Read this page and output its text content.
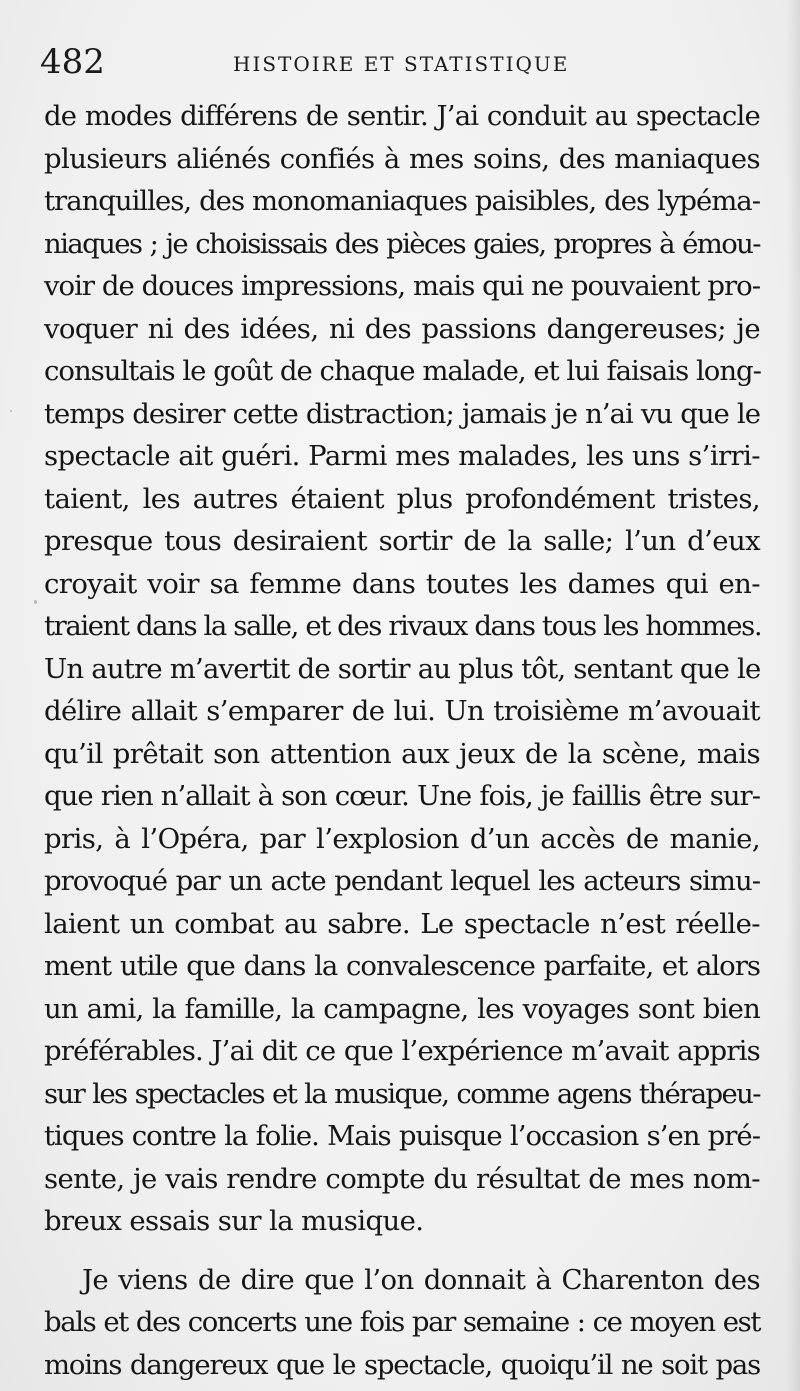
482	HISTOIRE ET STATISTIQUE
de modes différens de sentir. J’ai conduit au spectacle
plusieurs aliénés confiés à mes soins, des maniaques
tranquilles, des monomaniaques paisibles, des lypéma-
niaques ; je choisissais des pièces gaies, propres à émou-
voir de douces impressions, mais qui ne pouvaient pro-
voquer ni des idées, ni des passions dangereuses; je
consultais le goût de chaque malade, et lui faisais long-
temps desirer cette distraction; jamais je n’ai vu que le
spectacle ait guéri. Parmi mes malades, les uns s’irri-
taient, les autres étaient plus profondément tristes,
presque tous desiraient sortir de la salle; l’un d’eux
croyait voir sa femme dans toutes les dames qui en-
traient dans la salle, et des rivaux dans tous les hommes.
Un autre m’avertit de sortir au plus tôt, sentant que le
délire allait s’emparer de lui. Un troisième m’avouait
qu’il prêtait son attention aux jeux de la scène, mais
que rien n’allait à son cœur. Une fois, je faillis être sur-
pris, à l’Opéra, par l’explosion d’un accès de manie,
provoqué par un acte pendant lequel les acteurs simu-
laient un combat au sabre. Le spectacle n’est réelle-
ment utile que dans la convalescence parfaite, et alors
un ami, la famille, la campagne, les voyages sont bien
préférables. J’ai dit ce que l’expérience m’avait appris
sur les spectacles et la musique, comme agens thérapeu-
tiques contre la folie. Mais puisque l’occasion s’en pré-
sente, je vais rendre compte du résultat de mes nom-
breux essais sur la musique.
Je viens de dire que l’on donnait à Charenton des
bals et des concerts une fois par semaine : ce moyen est
moins dangereux que le spectacle, quoiqu’il ne soit pas
